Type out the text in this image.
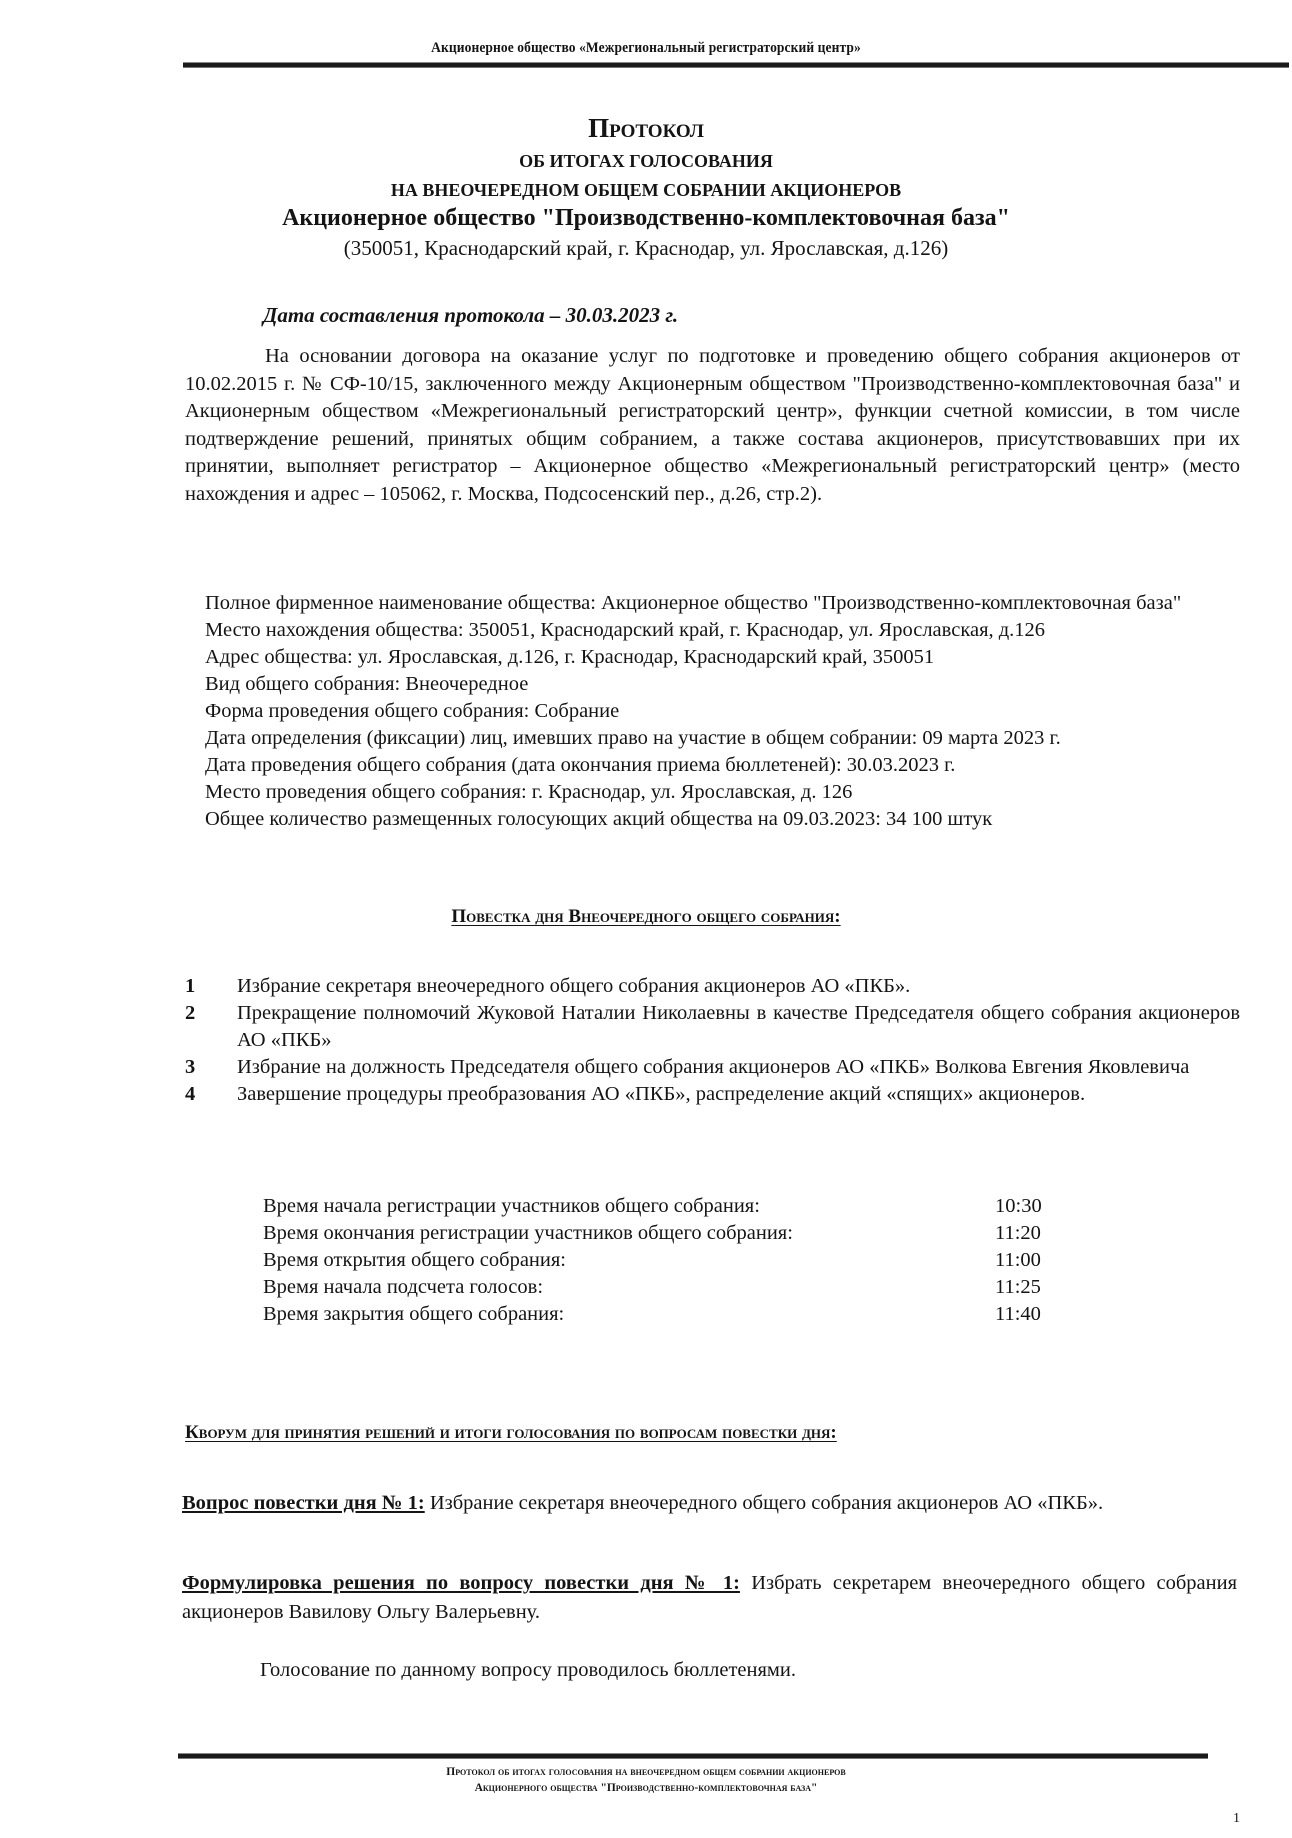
Акционерное общество «Межрегиональный регистраторский центр»
Протокол
ОБ ИТОГАХ ГОЛОСОВАНИЯ
НА ВНЕОЧЕРЕДНОМ ОБЩЕМ СОБРАНИИ АКЦИОНЕРОВ
Акционерное общество "Производственно-комплектовочная база"
(350051, Краснодарский край, г. Краснодар, ул. Ярославская, д.126)
Дата составления протокола – 30.03.2023 г.
На основании договора на оказание услуг по подготовке и проведению общего собрания акционеров от 10.02.2015 г. № СФ-10/15, заключенного между Акционерным обществом "Производственно-комплектовочная база" и Акционерным обществом «Межрегиональный регистраторский центр», функции счетной комиссии, в том числе подтверждение решений, принятых общим собранием, а также состава акционеров, присутствовавших при их принятии, выполняет регистратор – Акционерное общество «Межрегиональный регистраторский центр» (место нахождения и адрес – 105062, г. Москва, Подсосенский пер., д.26, стр.2).
Полное фирменное наименование общества: Акционерное общество "Производственно-комплектовочная база"
Место нахождения общества: 350051, Краснодарский край, г. Краснодар, ул. Ярославская, д.126
Адрес общества: ул. Ярославская, д.126, г. Краснодар, Краснодарский край, 350051
Вид общего собрания: Внеочередное
Форма проведения общего собрания: Собрание
Дата определения (фиксации) лиц, имевших право на участие в общем собрании: 09 марта 2023 г.
Дата проведения общего собрания (дата окончания приема бюллетеней): 30.03.2023 г.
Место проведения общего собрания: г. Краснодар, ул. Ярославская, д. 126
Общее количество размещенных голосующих акций общества на 09.03.2023: 34 100 штук
Повестка дня Внеочередного общего собрания:
1	Избрание секретаря внеочередного общего собрания акционеров АО «ПКБ».
2	Прекращение полномочий Жуковой Наталии Николаевны в качестве Председателя общего собрания акционеров АО «ПКБ»
3	Избрание на должность Председателя общего собрания акционеров АО «ПКБ» Волкова Евгения Яковлевича
4	Завершение процедуры преобразования АО «ПКБ», распределение акций «спящих» акционеров.
Время начала регистрации участников общего собрания:	10:30
Время окончания регистрации участников общего собрания:	11:20
Время открытия общего собрания:	11:00
Время начала подсчета голосов:	11:25
Время закрытия общего собрания:	11:40
Кворум для принятия решений и итоги голосования по вопросам повестки дня:
Вопрос повестки дня № 1: Избрание секретаря внеочередного общего собрания акционеров АО «ПКБ».
Формулировка решения по вопросу повестки дня № 1: Избрать секретарем внеочередного общего собрания акционеров Вавилову Ольгу Валерьевну.
Голосование по данному вопросу проводилось бюллетенями.
Протокол об итогах голосования на внеочередном общем собрании акционеров
Акционерного общества "Производственно-комплектовочная база"
1
